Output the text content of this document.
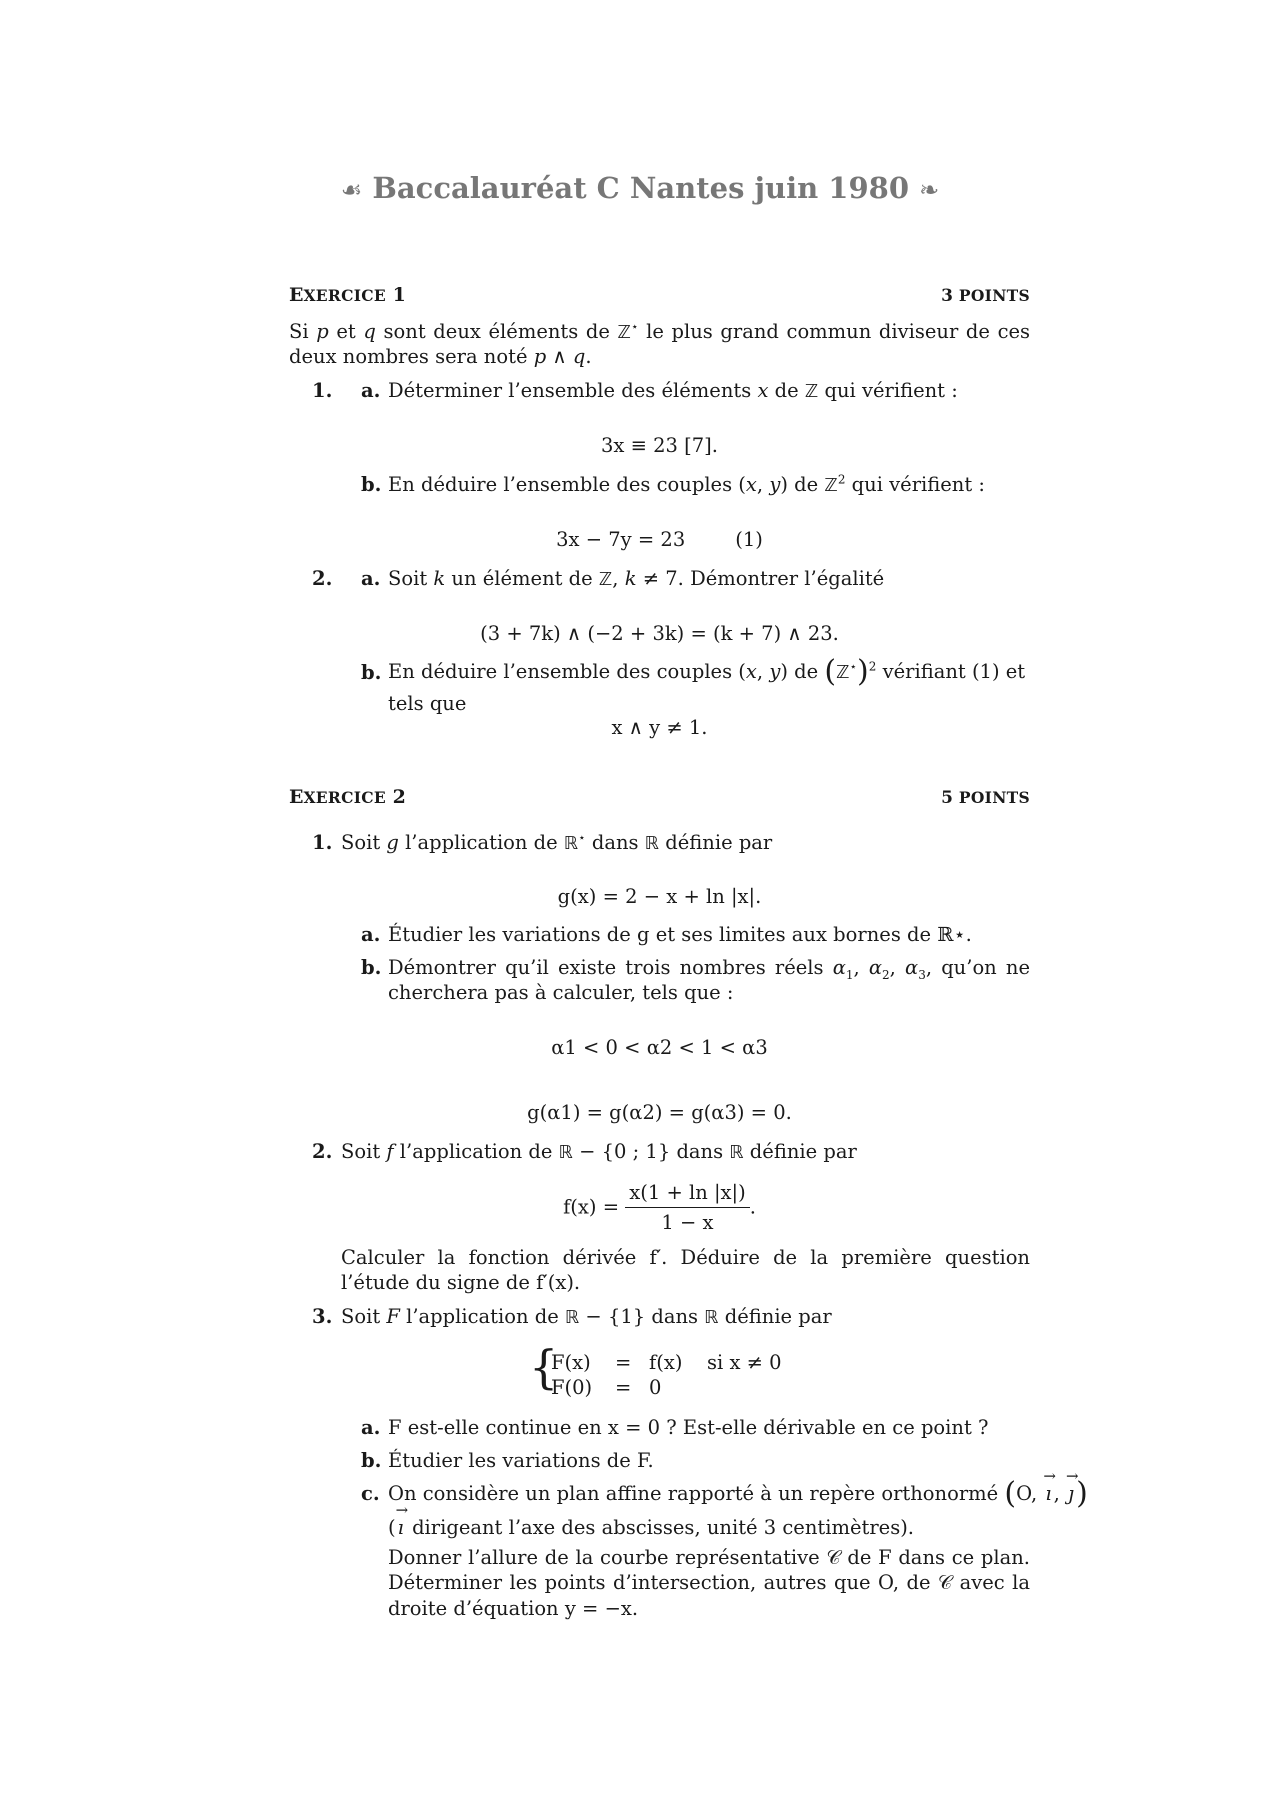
☙ Baccalauréat C Nantes juin 1980 ❧
EXERCICE 1	3 POINTS
Si p et q sont deux éléments de ℤ⋆ le plus grand commun diviseur de ces deux nombres sera noté p ∧ q.
1. a. Déterminer l’ensemble des éléments x de ℤ qui vérifient :
3x ≡ 23 [7].
b. En déduire l’ensemble des couples (x, y) de ℤ$^2$ qui vérifient :
3x − 7y = 23	(1)
2. a. Soit k un élément de ℤ, k ≠ 7. Démontrer l’égalité
(3 + 7k) ∧ (−2 + 3k) = (k + 7) ∧ 23.
b. En déduire l’ensemble des couples (x, y) de (ℤ⋆)$^2$ vérifiant (1) et tels que
x ∧ y ≠ 1.
EXERCICE 2	5 POINTS
1. Soit g l’application de ℝ⋆ dans ℝ définie par
g(x) = 2 − x + ln |x|.
a. Étudier les variations de g et ses limites aux bornes de ℝ⋆.
b. Démontrer qu’il existe trois nombres réels $\alpha_1$, $\alpha_2$, $\alpha_3$, qu’on ne cherchera pas à calculer, tels que :
α1 < 0 < α2 < 1 < α3
g(α1) = g(α2) = g(α3) = 0.
2. Soit f l’application de ℝ − {0 ; 1} dans ℝ définie par
$f(x) = \frac{x(1 + \ln |x|)}{1 - x}$ .
Calculer la fonction dérivée f′. Déduire de la première question l’étude du signe de f′(x).
3. Soit F l’application de ℝ − {1} dans ℝ définie par
{
F(x) = f(x) si x ≠ 0
F(0) = 0
a. F est-elle continue en x = 0 ? Est-elle dérivable en ce point ?
b. Étudier les variations de F.
c. On considère un plan affine rapporté à un repère orthonormé (O, → ı , → ȷ)
(→ ı dirigeant l’axe des abscisses, unité 3 centimètres).
Donner l’allure de la courbe représentative 𝒞 de F dans ce plan. Déterminer les points d’intersection, autres que O, de 𝒞 avec la droite d’équation y = −x.
